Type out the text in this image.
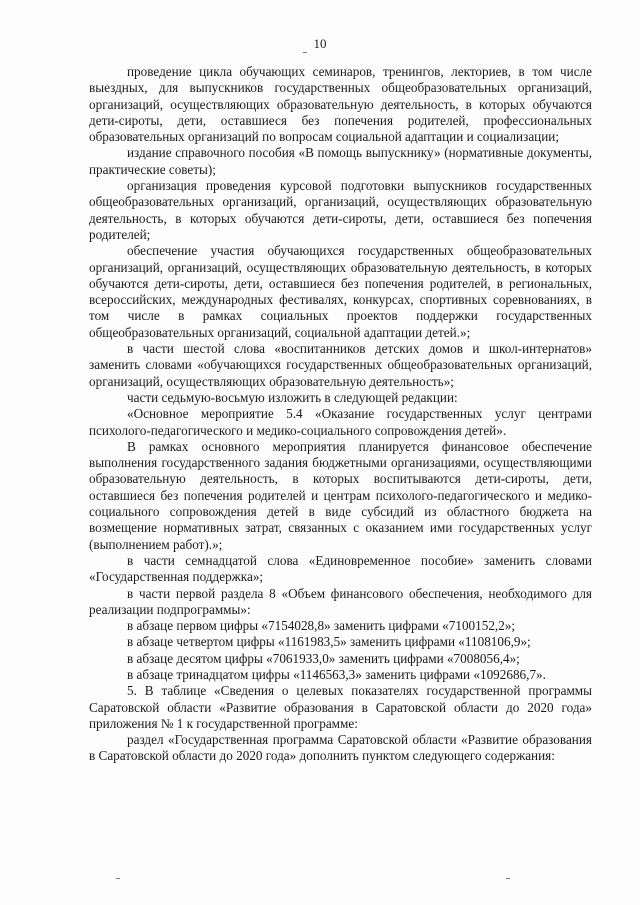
10

проведение цикла обучающих семинаров, тренингов, лекториев, в том числе выездных, для выпускников государственных общеобразовательных организаций, организаций, осуществляющих образовательную деятельность, в которых обучаются дети-сироты, дети, оставшиеся без попечения родителей, профессиональных образовательных организаций по вопросам социальной адаптации и социализации;

издание справочного пособия «В помощь выпускнику» (нормативные документы, практические советы);

организация проведения курсовой подготовки выпускников государственных общеобразовательных организаций, организаций, осуществляющих образовательную деятельность, в которых обучаются дети-сироты, дети, оставшиеся без попечения родителей;

обеспечение участия обучающихся государственных общеобразовательных организаций, организаций, осуществляющих образовательную деятельность, в которых обучаются дети-сироты, дети, оставшиеся без попечения родителей, в региональных, всероссийских, международных фестивалях, конкурсах, спортивных соревнованиях, в том числе в рамках социальных проектов поддержки государственных общеобразовательных организаций, социальной адаптации детей.»;

в части шестой слова «воспитанников детских домов и школ-интернатов» заменить словами «обучающихся государственных общеобразовательных организаций, организаций, осуществляющих образовательную деятельность»;

части седьмую-восьмую изложить в следующей редакции:

«Основное мероприятие 5.4 «Оказание государственных услуг центрами психолого-педагогического и медико-социального сопровождения детей».

В рамках основного мероприятия планируется финансовое обеспечение выполнения государственного задания бюджетными организациями, осуществляющими образовательную деятельность, в которых воспитываются дети-сироты, дети, оставшиеся без попечения родителей и центрам психолого-педагогического и медико-социального сопровождения детей в виде субсидий из областного бюджета на возмещение нормативных затрат, связанных с оказанием ими государственных услуг (выполнением работ).»;

в части семнадцатой слова «Единовременное пособие» заменить словами «Государственная поддержка»;

в части первой раздела 8 «Объем финансового обеспечения, необходимого для реализации подпрограммы»:

в абзаце первом цифры «7154028,8» заменить цифрами «7100152,2»;

в абзаце четвертом цифры «1161983,5» заменить цифрами «1108106,9»;

в абзаце десятом цифры «7061933,0» заменить цифрами «7008056,4»;

в абзаце тринадцатом цифры «1146563,3» заменить цифрами «1092686,7».

5. В таблице «Сведения о целевых показателях государственной программы Саратовской области «Развитие образования в Саратовской области до 2020 года» приложения № 1 к государственной программе:

раздел «Государственная программа Саратовской области «Развитие образования в Саратовской области до 2020 года» дополнить пунктом следующего содержания:
